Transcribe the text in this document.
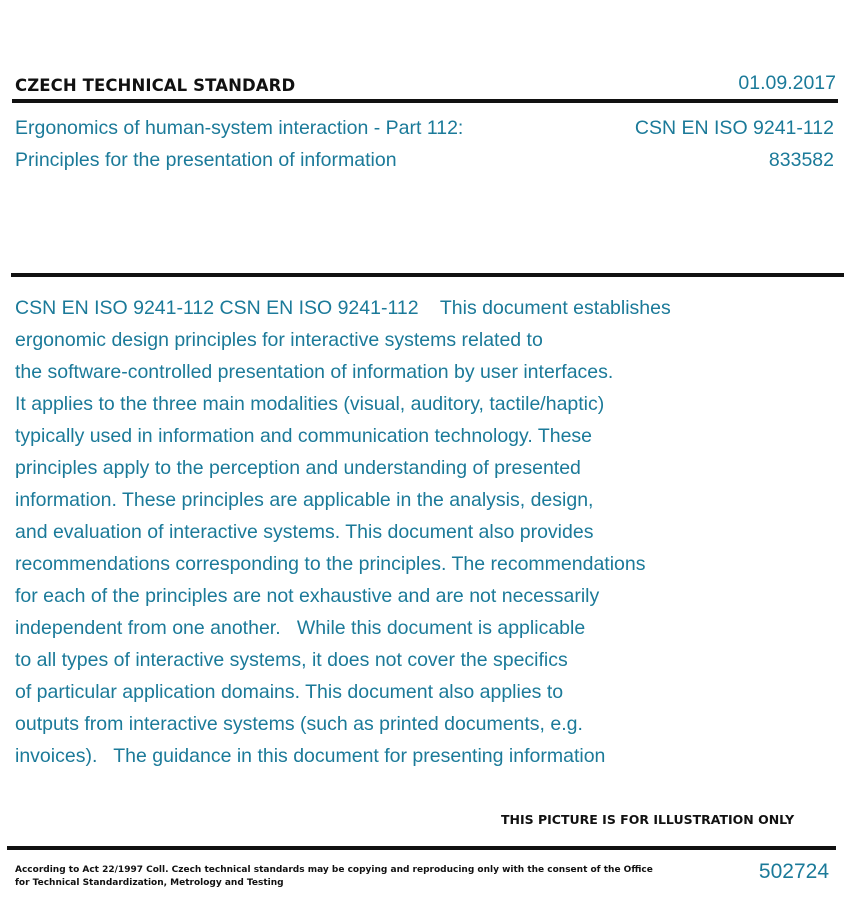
CZECH TECHNICAL STANDARD	01.09.2017
Ergonomics of human-system interaction - Part 112:
Principles for the presentation of information
CSN EN ISO 9241-112
833582
CSN EN ISO 9241-112 CSN EN ISO 9241-112    This document establishes
ergonomic design principles for interactive systems related to
the software-controlled presentation of information by user interfaces.
It applies to the three main modalities (visual, auditory, tactile/haptic)
typically used in information and communication technology. These
principles apply to the perception and understanding of presented
information. These principles are applicable in the analysis, design,
and evaluation of interactive systems. This document also provides
recommendations corresponding to the principles. The recommendations
for each of the principles are not exhaustive and are not necessarily
independent from one another.   While this document is applicable
to all types of interactive systems, it does not cover the specifics
of particular application domains. This document also applies to
outputs from interactive systems (such as printed documents, e.g.
invoices).   The guidance in this document for presenting information
THIS PICTURE IS FOR ILLUSTRATION ONLY
According to Act 22/1997 Coll. Czech technical standards may be copying and reproducing only with the consent of the Office
for Technical Standardization, Metrology and Testing	502724
